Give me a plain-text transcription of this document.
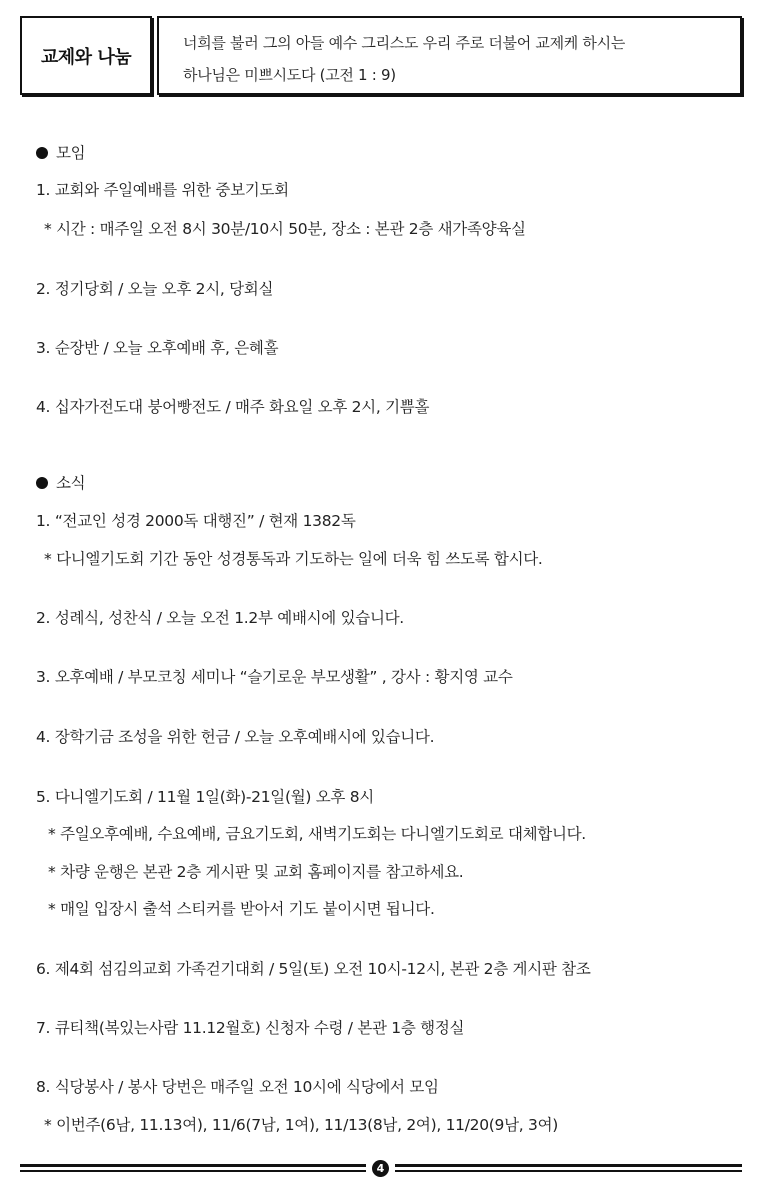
교제와 나눔
너희를 불러 그의 아들 예수 그리스도 우리 주로 더불어 교제케 하시는
하나님은 미쁘시도다 (고전 1 : 9)
모임
1. 교회와 주일예배를 위한 중보기도회
* 시간 : 매주일 오전 8시 30분/10시 50분, 장소 : 본관 2층 새가족양육실
2. 정기당회 / 오늘 오후 2시, 당회실
3. 순장반 / 오늘 오후예배 후, 은혜홀
4. 십자가전도대 붕어빵전도 / 매주 화요일 오후 2시, 기쁨홀
소식
1. “전교인 성경 2000독 대행진” / 현재 1382독
* 다니엘기도회 기간 동안 성경통독과 기도하는 일에 더욱 힘 쓰도록 합시다.
2. 성례식, 성찬식 / 오늘 오전 1.2부 예배시에 있습니다.
3. 오후예배 / 부모코칭 세미나 “슬기로운 부모생활” , 강사 : 황지영 교수
4. 장학기금 조성을 위한 헌금 / 오늘 오후예배시에 있습니다.
5. 다니엘기도회 / 11월 1일(화)-21일(월) 오후 8시
* 주일오후예배, 수요예배, 금요기도회, 새벽기도회는 다니엘기도회로 대체합니다.
* 차량 운행은 본관 2층 게시판 및 교회 홈페이지를 참고하세요.
* 매일 입장시 출석 스티커를 받아서 기도 붙이시면 됩니다.
6. 제4회 섬김의교회 가족걷기대회 / 5일(토) 오전 10시-12시, 본관 2층 게시판 참조
7. 큐티책(복있는사람 11.12월호) 신청자 수령 / 본관 1층 행정실
8. 식당봉사 / 봉사 당번은 매주일 오전 10시에 식당에서 모임
* 이번주(6남, 11.13여), 11/6(7남, 1여), 11/13(8남, 2여), 11/20(9남, 3여)
4
